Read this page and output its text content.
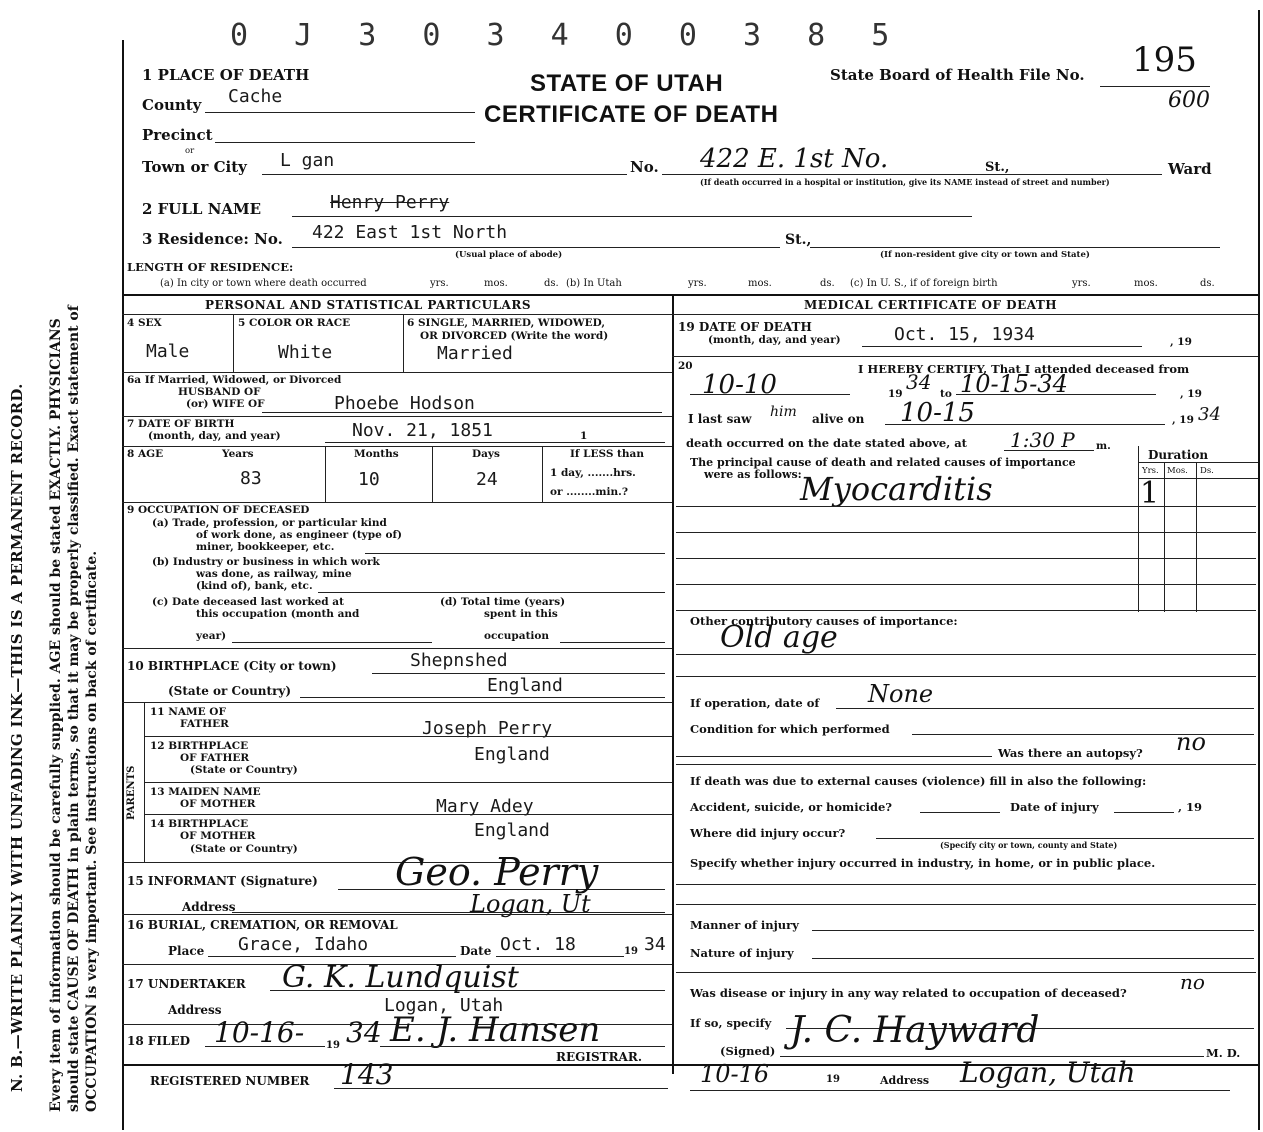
N. B.—WRITE PLAINLY WITH UNFADING INK—THIS IS A PERMANENT RECORD. Every item of information should be carefully supplied. AGE should be stated EXACTLY. PHYSICIANS should state CAUSE OF DEATH in plain terms, so that it may be properly classified. Exact statement of OCCUPATION is very important. See instructions on back of certificate.
0 J 3 0 3 4 0 0 3 8 5
STATE OF UTAH
CERTIFICATE OF DEATH
State Board of Health File No. 195
600
1 PLACE OF DEATH
County Cache
Precinct
or
Town or City L gan	No. 422 E. 1st No.	St.,	Ward
(If death occurred in a hospital or institution, give its NAME instead of street and number)
2 FULL NAME	Henry Perry
3 Residence: No. 422 East 1st North	St.,
(Usual place of abode)	(If non-resident give city or town and State)
LENGTH OF RESIDENCE:
(a) In city or town where death occurred	yrs.	mos.	ds. (b) In Utah	yrs.	mos.	ds. (c) In U. S., if of foreign birth	yrs.	mos.	ds.
PERSONAL AND STATISTICAL PARTICULARS
4 SEX
Male
5 COLOR OR RACE
White
6 SINGLE, MARRIED, WIDOWED,
OR DIVORCED (Write the word)
Married
6a If Married, Widowed, or Divorced
HUSBAND OF
(or) WIFE OF	Phoebe Hodson
7 DATE OF BIRTH
(month, day, and year)	Nov. 21, 1851	1
8 AGE	Years
83
Months
10
Days
24
If LESS than
1 day, .......hrs.
or ........min.?
9 OCCUPATION OF DECEASED
(a) Trade, profession, or particular kind
of work done, as engineer (type of)
miner, bookkeeper, etc.
(b) Industry or business in which work
was done, as railway, mine
(kind of), bank, etc.
(c) Date deceased last worked at
this occupation (month and
year)
(d) Total time (years)
spent in this
occupation
10 BIRTHPLACE (City or town)	Shepnshed
(State or Country)	England
PARENTS
11 NAME OF
FATHER	Joseph Perry
12 BIRTHPLACE
OF FATHER
(State or Country)
England
13 MAIDEN NAME
OF MOTHER	Mary Adey
14 BIRTHPLACE
OF MOTHER
(State or Country)
England
15 INFORMANT (Signature) Geo. Perry
Address	Logan, Ut
16 BURIAL, CREMATION, OR REMOVAL
Place Grace, Idaho	Date Oct. 18	19 34
17 UNDERTAKER G. K. Lundquist
Address	Logan, Utah
18 FILED 10-16- 19 34 E. J. Hansen
REGISTRAR.
REGISTERED NUMBER 143
MEDICAL CERTIFICATE OF DEATH
19 DATE OF DEATH
(month, day, and year)	Oct. 15, 1934	, 19
20	I HEREBY CERTIFY, That I attended deceased from
10-10	19 34 to 10-15-34	, 19
I last saw him alive on 10-15	, 19 34
death occurred on the date stated above, at 1:30 P m.
The principal cause of death and related causes of importance
were as follows:
Duration
Yrs. Mos. Ds.
Myocarditis	1
Other contributory causes of importance:
Old age
If operation, date of None
Condition for which performed
Was there an autopsy? no
If death was due to external causes (violence) fill in also the following:
Accident, suicide, or homicide?	Date of injury	, 19
Where did injury occur?
(Specify city or town, county and State)
Specify whether injury occurred in industry, in home, or in public place.
Manner of injury
Nature of injury
Was disease or injury in any way related to occupation of deceased?	no
If so, specify
(Signed) J. C. Hayward
M. D.
10-16	19	Address Logan, Utah
